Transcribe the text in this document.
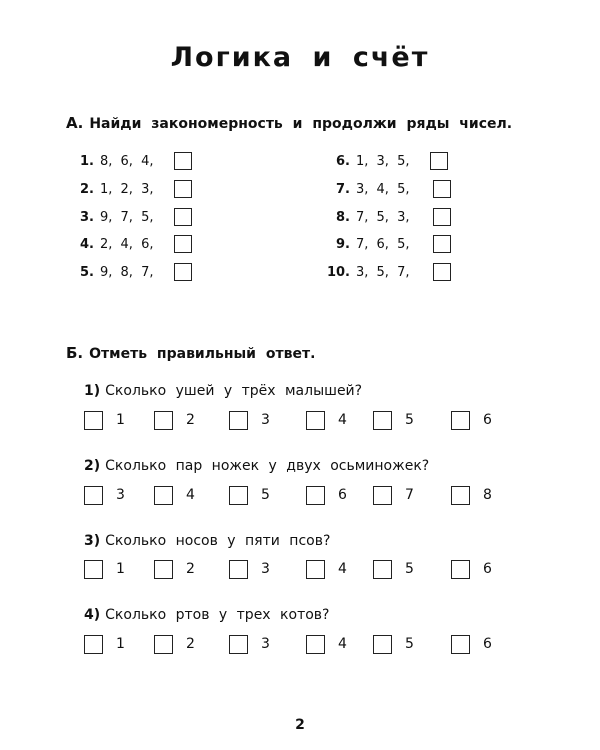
Логика и счёт
А. Найди закономерность и продолжи ряды чисел.
1. 8, 6, 4,
2. 1, 2, 3,
3. 9, 7, 5,
4. 2, 4, 6,
5. 9, 8, 7,
6. 1, 3, 5,
7. 3, 4, 5,
8. 7, 5, 3,
9. 7, 6, 5,
10. 3, 5, 7,
Б. Отметь правильный ответ.
1) Сколько ушей у трёх малышей?
1	2	3	4	5	6
2) Сколько пар ножек у двух осьминожек?
3	4	5	6	7	8
3) Сколько носов у пяти псов?
1	2	3	4	5	6
4) Сколько ртов у трех котов?
1	2	3	4	5	6
2
